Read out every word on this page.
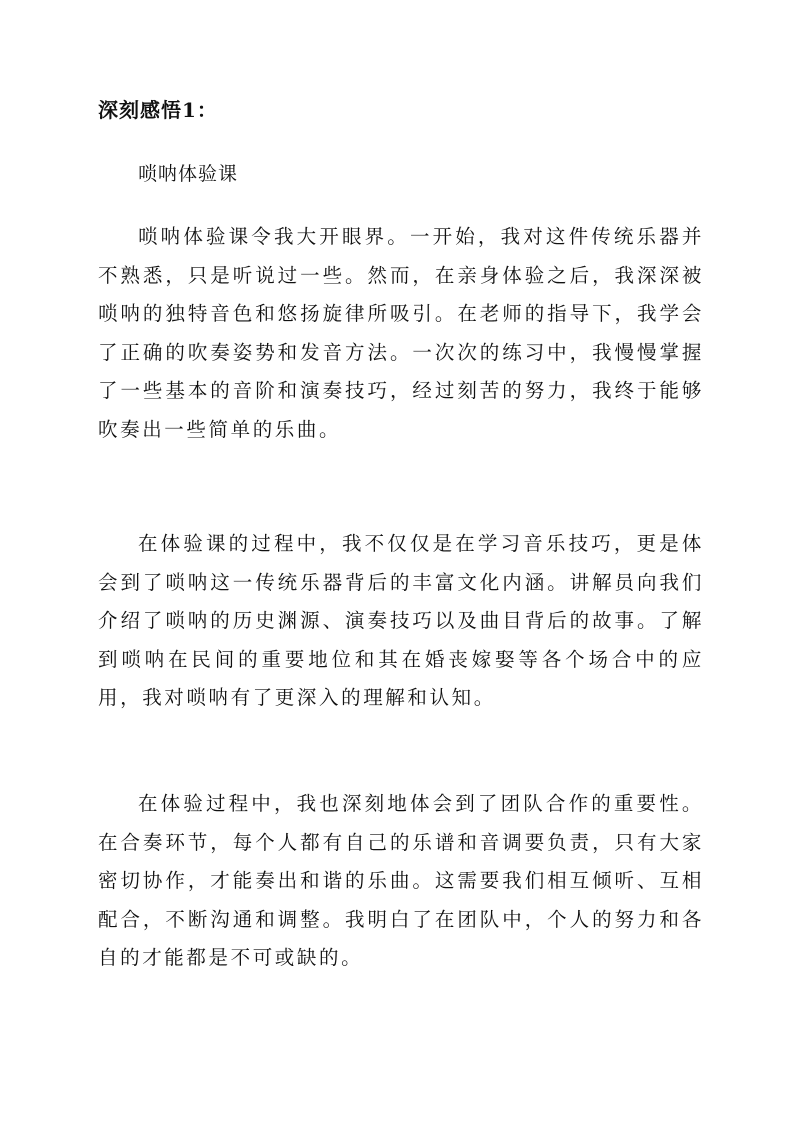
深刻感悟1：
唢呐体验课

唢呐体验课令我大开眼界。一开始，我对这件传统乐器并不熟悉，只是听说过一些。然而，在亲身体验之后，我深深被唢呐的独特音色和悠扬旋律所吸引。在老师的指导下，我学会了正确的吹奏姿势和发音方法。一次次的练习中，我慢慢掌握了一些基本的音阶和演奏技巧，经过刻苦的努力，我终于能够吹奏出一些简单的乐曲。

在体验课的过程中，我不仅仅是在学习音乐技巧，更是体会到了唢呐这一传统乐器背后的丰富文化内涵。讲解员向我们介绍了唢呐的历史渊源、演奏技巧以及曲目背后的故事。了解到唢呐在民间的重要地位和其在婚丧嫁娶等各个场合中的应用，我对唢呐有了更深入的理解和认知。

在体验过程中，我也深刻地体会到了团队合作的重要性。在合奏环节，每个人都有自己的乐谱和音调要负责，只有大家密切协作，才能奏出和谐的乐曲。这需要我们相互倾听、互相配合，不断沟通和调整。我明白了在团队中，个人的努力和各自的才能都是不可或缺的。
